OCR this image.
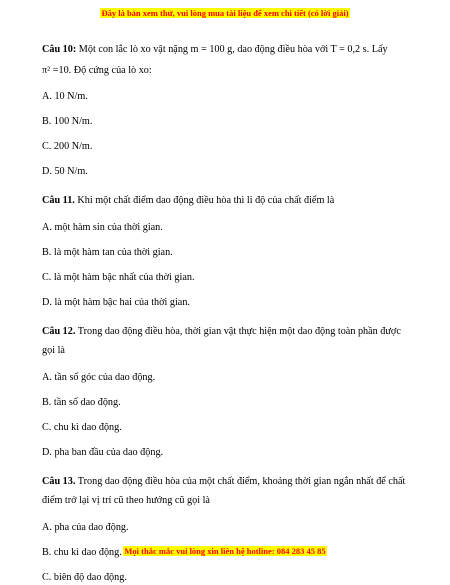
Đây là bản xem thử, vui lòng mua tài liệu để xem chi tiết (có lời giải)

Câu 10: Một con lắc lò xo vật nặng m = 100 g, dao động điều hòa với T = 0,2 s. Lấy

π² =10. Độ cứng của lò xo:

A. 10 N/m.

B. 100 N/m.

C. 200 N/m.

D. 50 N/m.

Câu 11. Khi một chất điểm dao động điều hòa thì li độ của chất điểm là

A. một hàm sin của thời gian.

B. là một hàm tan của thời gian.

C. là một hàm bậc nhất của thời gian.

D. là một hàm bậc hai của thời gian.

Câu 12. Trong dao động điều hòa, thời gian vật thực hiện một dao động toàn phần được gọi là

A. tần số góc của dao động.

B. tần số dao động.

C. chu kì dao động.

D. pha ban đầu của dao động.

Câu 13. Trong dao động điều hòa của một chất điểm, khoảng thời gian ngắn nhất để chất điểm trở lại vị trí cũ theo hướng cũ gọi là

A. pha của dao động.

B. chu kì dao động.

C. biên độ dao động.

Mọi thắc mắc vui lòng xin liên hệ hotline: 084 283 45 85
